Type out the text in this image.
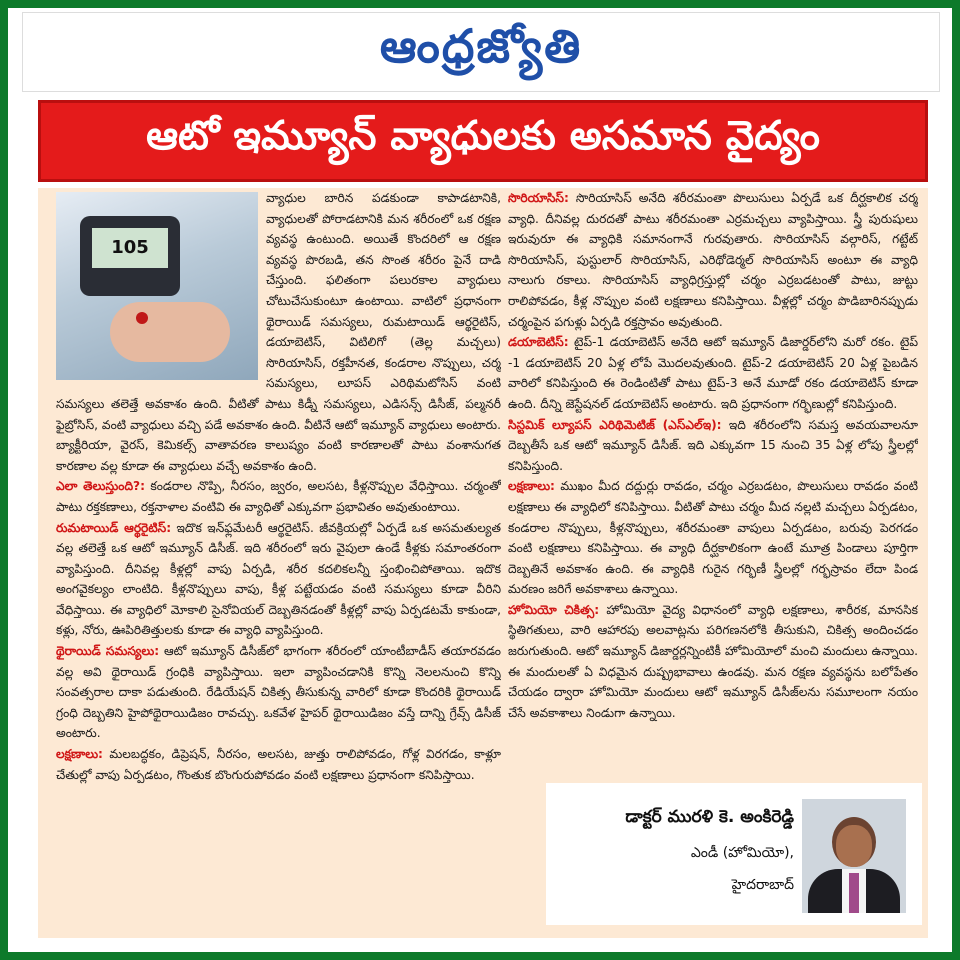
ఆంధ్రజ్యోతి
ఆటో ఇమ్యూన్ వ్యాధులకు అసమాన వైద్యం

105
వ్యాధుల బారిన పడకుండా కాపాడటానికి, వ్యాధులతో పోరాడటానికి మన శరీరంలో ఒక రక్షణ వ్యవస్థ ఉంటుంది. అయితే కొందరిలో ఆ రక్షణ వ్యవస్థ పొరబడి, తన సొంత శరీరం పైనే దాడి చేస్తుంది. ఫలితంగా పలురకాల వ్యాధులు చోటుచేసుకుంటూ ఉంటాయి. వాటిలో ప్రధానంగా థైరాయిడ్ సమస్యలు, రుమటాయిడ్ ఆర్థరైటిస్, డయాబెటిస్, విటిలిగో (తెల్ల మచ్చలు) సొరియాసిస్, రక్తహీనత, కండరాల నొప్పులు, చర్మ సమస్యలు, లూపస్ ఎరిథిమటోసిస్ వంటి సమస్యలు తలెత్తే అవకాశం ఉంది. వీటితో పాటు కిడ్నీ సమస్యలు, ఎడిసన్స్ డిసీజ్, పల్మనరీ ఫైబ్రోసిస్, వంటి వ్యాధులు వచ్చి పడే అవకాశం ఉంది. వీటినే ఆటో ఇమ్యూన్ వ్యాధులు అంటారు. బ్యాక్టీరియా, వైరస్, కెమికల్స్ వాతావరణ కాలుష్యం వంటి కారణాలతో పాటు వంశానుగత కారణాల వల్ల కూడా ఈ వ్యాధులు వచ్చే అవకాశం ఉంది.

ఎలా తెలుస్తుంది?: కండరాల నొప్పి, నీరసం, జ్వరం, అలసట, కీళ్లనొప్పుల వేధిస్తాయి. చర్మంతో పాటు రక్తకణాలు, రక్తనాళాల వంటివి ఈ వ్యాధితో ఎక్కువగా ప్రభావితం అవుతుంటాయి.

రుమటాయిడ్ ఆర్థరైటిస్: ఇదొక ఇన్‌ఫ్లమేటరీ ఆర్థరైటిస్. జీవక్రియల్లో ఏర్పడే ఒక అసమతుల్యత వల్ల తలెత్తే ఒక ఆటో ఇమ్యూన్ డిసీజ్. ఇది శరీరంలో ఇరు వైపులా ఉండే కీళ్లకు సమాంతరంగా వ్యాపిస్తుంది. దీనివల్ల కీళ్లల్లో వాపు ఏర్పడి, శరీర కదలికలన్నీ స్తంభించిపోతాయి. ఇదొక అంగవైకల్యం లాంటిది. కీళ్లనొప్పులు వాపు, కీళ్ల పట్టేయడం వంటి సమస్యలు కూడా వీరిని వేధిస్తాయి. ఈ వ్యాధిలో మోకాలి సైనోవియల్ దెబ్బతినడంతో కీళ్లల్లో వాపు ఏర్పడటమే కాకుండా, కళ్లు, నోరు, ఊపిరితిత్తులకు కూడా ఈ వ్యాధి వ్యాపిస్తుంది.

థైరాయిడ్ సమస్యలు: ఆటో ఇమ్యూన్ డిసీజ్‌లో భాగంగా శరీరంలో యాంటీబాడీస్ తయారవడం వల్ల అవి థైరాయిడ్ గ్రంధికి వ్యాపిస్తాయి. ఇలా వ్యాపించడానికి కొన్ని నెలలనుంచి కొన్ని సంవత్సరాల దాకా పడుతుంది. రేడియేషన్ చికిత్స తీసుకున్న వారిలో కూడా కొందరికి థైరాయిడ్ గ్రంధి దెబ్బతిని హైపోథైరాయిడిజం రావచ్చు. ఒకవేళ హైపర్ థైరాయిడిజం వస్తే దాన్ని గ్రేవ్స్ డిసీజ్ అంటారు.

లక్షణాలు: మలబద్ధకం, డిప్రెషన్, నీరసం, అలసట, జుత్తు రాలిపోవడం, గోళ్ల విరగడం, కాళ్లూ చేతుల్లో వాపు ఏర్పడటం, గొంతుక బొంగురుపోవడం వంటి లక్షణాలు ప్రధానంగా కనిపిస్తాయి.

సొరియాసిస్: సొరియాసిస్ అనేది శరీరమంతా పొలుసులు ఏర్పడే ఒక దీర్ఘకాలిక చర్మ వ్యాధి. దీనివల్ల దురదతో పాటు శరీరమంతా ఎర్రమచ్చలు వ్యాపిస్తాయి. స్త్రీ పురుషులు ఇరువురూ ఈ వ్యాధికి సమానంగానే గురవుతారు. సొరియాసిస్ వల్గారిస్, గట్టేట్ సొరియాసిస్, పుస్టులార్ సొరియాసిస్, ఎరిథోడెర్మల్ సొరియాసిస్ అంటూ ఈ వ్యాధి నాలుగు రకాలు. సొరియాసిస్ వ్యాధిగ్రస్తుల్లో చర్మం ఎర్రబడటంతో పాటు, జుట్టు రాలిపోవడం, కీళ్ల నొప్పుల వంటి లక్షణాలు కనిపిస్తాయి. వీళ్లల్లో చర్మం పొడిబారినప్పుడు చర్మంపైన పగుళ్లు ఏర్పడి రక్తస్రావం అవుతుంది.

డయాబెటిస్: టైప్-1 డయాబెటిస్ అనేది ఆటో ఇమ్యూన్ డిజార్డర్‌లోని మరో రకం. టైప్ -1 డయాబెటిస్ 20 ఏళ్ల లోపే మొదలవుతుంది. టైప్-2 డయాబెటిస్ 20 ఏళ్ల పైబడిన వారిలో కనిపిస్తుంది ఈ రెండింటితో పాటు టైప్-3 అనే మూడో రకం డయాబెటిస్ కూడా ఉంది. దీన్ని జెస్టేషనల్ డయాబెటిస్ అంటారు. ఇది ప్రధానంగా గర్భిణుల్లో కనిపిస్తుంది.

సిస్టమిక్ ల్యూపస్ ఎరిథిమెటిజ్ (ఎస్ఎల్ఇ): ఇది శరీరంలోని సమస్త అవయవాలనూ దెబ్బతీసే ఒక ఆటో ఇమ్యూన్ డిసీజ్. ఇది ఎక్కువగా 15 నుంచి 35 ఏళ్ల లోపు స్త్రీలల్లో కనిపిస్తుంది.

లక్షణాలు: ముఖం మీద దద్దుర్లు రావడం, చర్మం ఎర్రబడటం, పొలుసులు రావడం వంటి లక్షణాలు ఈ వ్యాధిలో కనిపిస్తాయి. వీటితో పాటు చర్మం మీద నల్లటి మచ్చలు ఏర్పడటం, కండరాల నొప్పులు, కీళ్లనొప్పులు, శరీరమంతా వాపులు ఏర్పడటం, బరువు పెరగడం వంటి లక్షణాలు కనిపిస్తాయి. ఈ వ్యాధి దీర్ఘకాలికంగా ఉంటే మూత్ర పిండాలు పూర్తిగా దెబ్బతినే అవకాశం ఉంది. ఈ వ్యాధికి గురైన గర్భిణీ స్త్రీలల్లో గర్భస్రావం లేదా పిండ మరణం జరిగే అవకాశాలు ఉన్నాయి.

హోమియో చికిత్స: హోమియో వైద్య విధానంలో వ్యాధి లక్షణాలు, శారీరక, మానసిక స్థితిగతులు, వారి ఆహారపు అలవాట్లను పరిగణనలోకి తీసుకుని, చికిత్స అందించడం జరుగుతుంది. ఆటో ఇమ్యూన్ డిజార్డర్లన్నింటికీ హోమియోలో మంచి మందులు ఉన్నాయి. ఈ మందులతో ఏ విధమైన దుష్ప్రభావాలు ఉండవు. మన రక్షణ వ్యవస్థను బలోపేతం చేయడం ద్వారా హోమియో మందులు ఆటో ఇమ్యూన్ డిసీజ్‌లను సమూలంగా నయం చేసే అవకాశాలు నిండుగా ఉన్నాయి.

డాక్టర్ మురళి కె. అంకిరెడ్డి
ఎండీ (హోమియో),
హైదరాబాద్
